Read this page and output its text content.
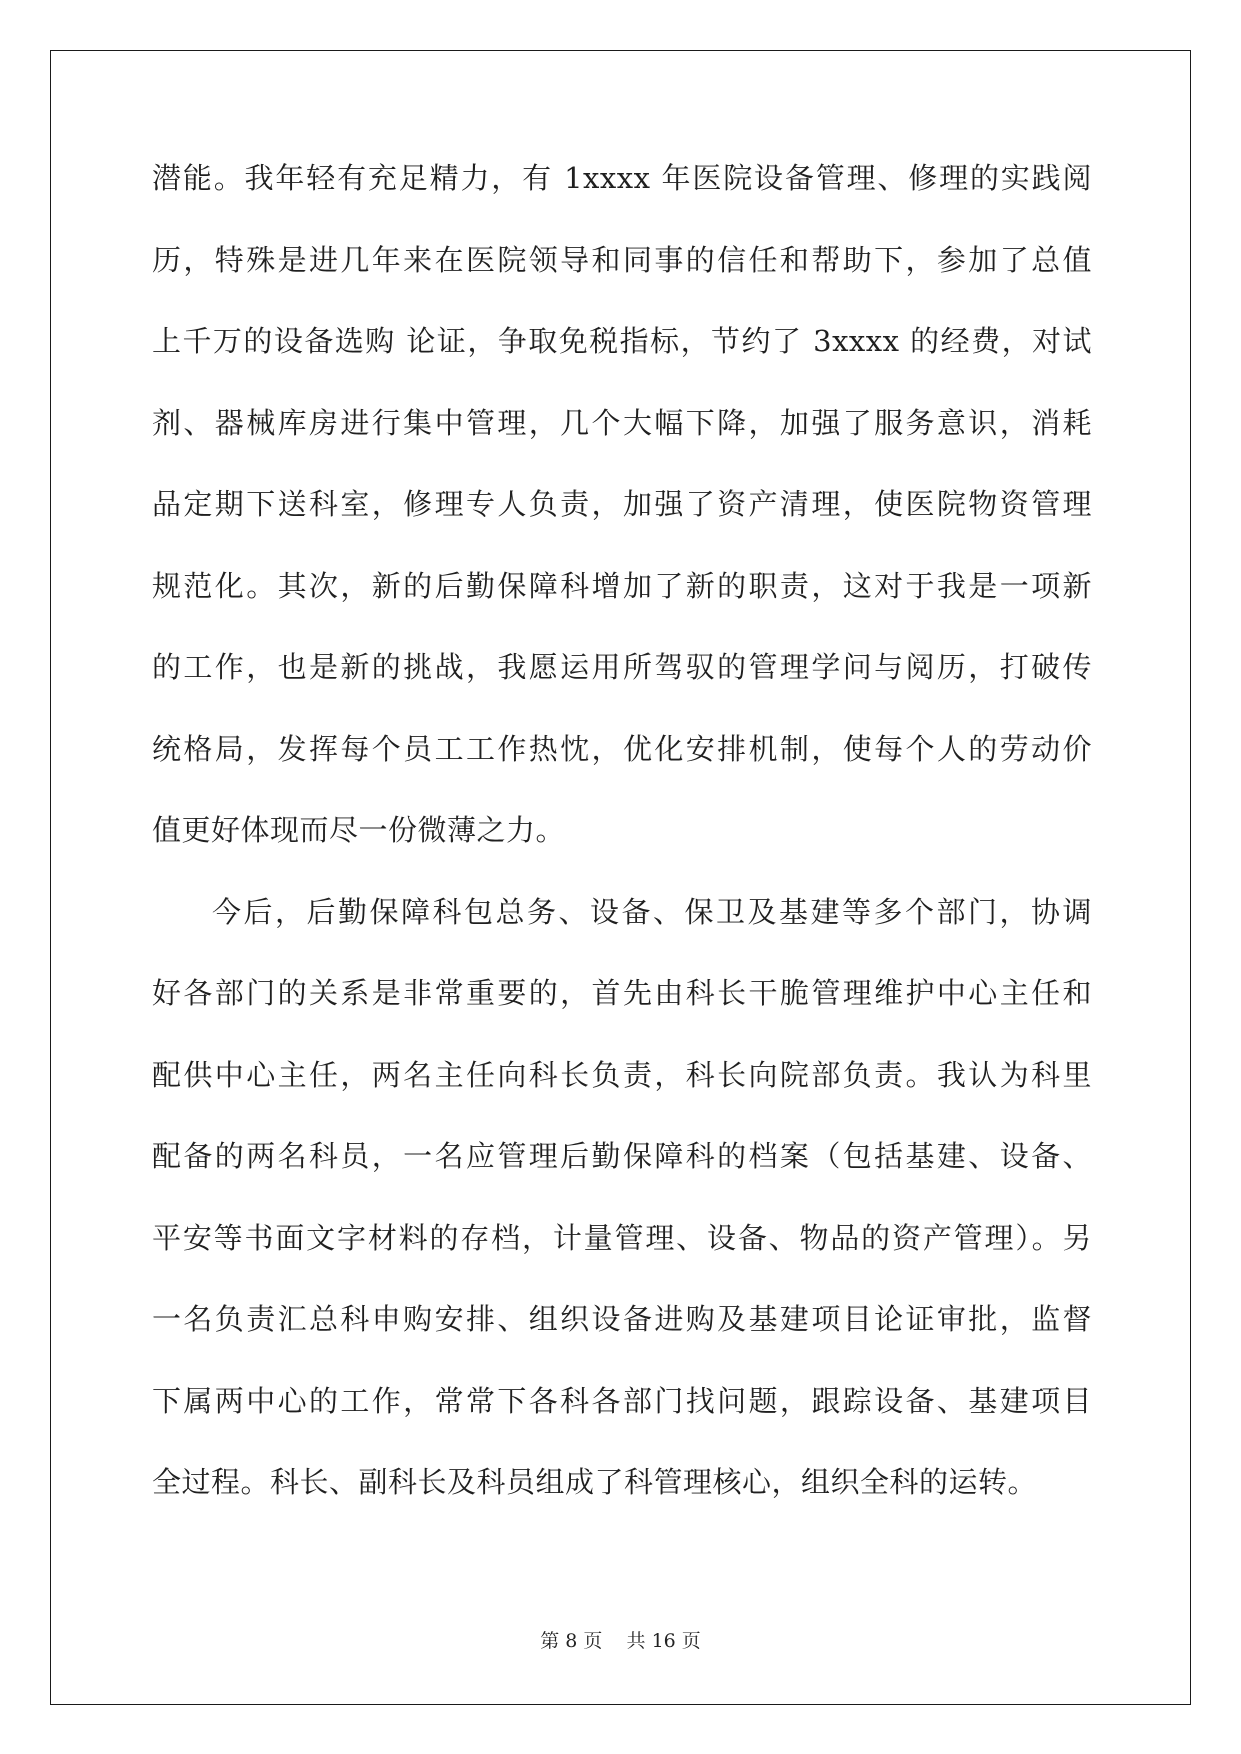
潜能。我年轻有充足精力，有 1xxxx 年医院设备管理、修理的实践阅
历，特殊是进几年来在医院领导和同事的信任和帮助下，参加了总值
上千万的设备选购 论证，争取免税指标，节约了 3xxxx 的经费，对试
剂、器械库房进行集中管理，几个大幅下降，加强了服务意识，消耗
品定期下送科室，修理专人负责，加强了资产清理，使医院物资管理
规范化。其次，新的后勤保障科增加了新的职责，这对于我是一项新
的工作，也是新的挑战，我愿运用所驾驭的管理学问与阅历，打破传
统格局，发挥每个员工工作热忱，优化安排机制，使每个人的劳动价
值更好体现而尽一份微薄之力。
今后，后勤保障科包总务、设备、保卫及基建等多个部门，协调
好各部门的关系是非常重要的，首先由科长干脆管理维护中心主任和
配供中心主任，两名主任向科长负责，科长向院部负责。我认为科里
配备的两名科员，一名应管理后勤保障科的档案（包括基建、设备、
平安等书面文字材料的存档，计量管理、设备、物品的资产管理）。另
一名负责汇总科申购安排、组织设备进购及基建项目论证审批，监督
下属两中心的工作，常常下各科各部门找问题，跟踪设备、基建项目
全过程。科长、副科长及科员组成了科管理核心，组织全科的运转。
第 8 页 共 16 页
